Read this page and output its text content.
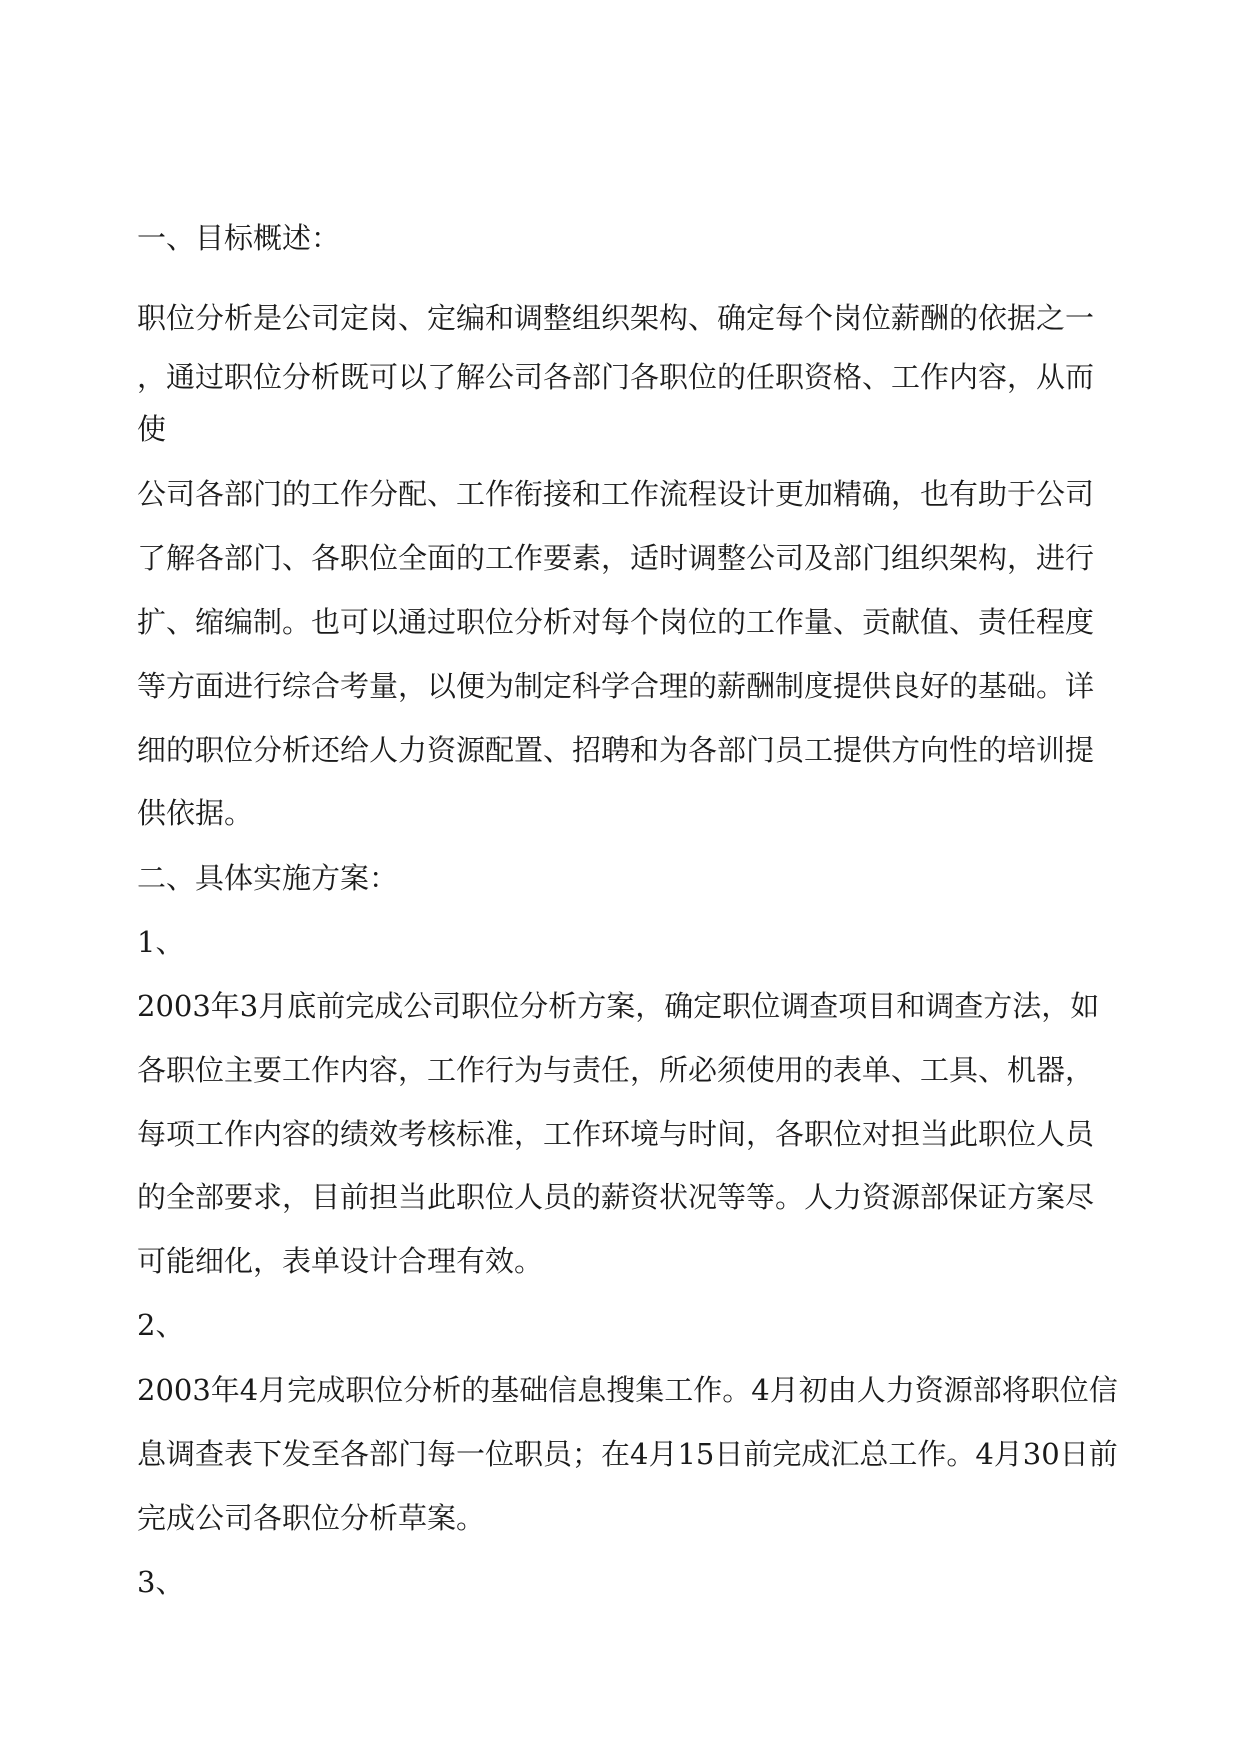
一、目标概述：

职位分析是公司定岗、定编和调整组织架构、确定每个岗位薪酬的依据之一

，通过职位分析既可以了解公司各部门各职位的任职资格、工作内容，从而

使

公司各部门的工作分配、工作衔接和工作流程设计更加精确，也有助于公司

了解各部门、各职位全面的工作要素，适时调整公司及部门组织架构，进行

扩、缩编制。也可以通过职位分析对每个岗位的工作量、贡献值、责任程度

等方面进行综合考量，以便为制定科学合理的薪酬制度提供良好的基础。详

细的职位分析还给人力资源配置、招聘和为各部门员工提供方向性的培训提

供依据。

二、具体实施方案：

1、

2003年3月底前完成公司职位分析方案，确定职位调查项目和调查方法，如

各职位主要工作内容，工作行为与责任，所必须使用的表单、工具、机器，

每项工作内容的绩效考核标准，工作环境与时间，各职位对担当此职位人员

的全部要求，目前担当此职位人员的薪资状况等等。人力资源部保证方案尽

可能细化，表单设计合理有效。

2、

2003年4月完成职位分析的基础信息搜集工作。4月初由人力资源部将职位信

息调查表下发至各部门每一位职员；在4月15日前完成汇总工作。4月30日前

完成公司各职位分析草案。

3、
